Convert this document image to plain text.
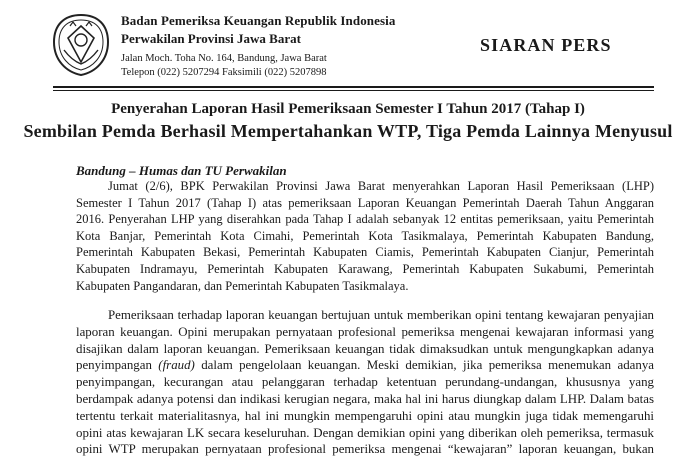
Badan Pemeriksa Keuangan Republik Indonesia
Perwakilan Provinsi Jawa Barat
Jalan Moch. Toha No. 164, Bandung, Jawa Barat
Telepon (022) 5207294 Faksimili (022) 5207898
SIARAN PERS
Penyerahan Laporan Hasil Pemeriksaan Semester I Tahun 2017 (Tahap I)
Sembilan Pemda Berhasil Mempertahankan WTP, Tiga Pemda Lainnya Menyusul
Bandung – Humas dan TU Perwakilan
Jumat (2/6), BPK Perwakilan Provinsi Jawa Barat menyerahkan Laporan Hasil Pemeriksaan (LHP)
Semester I Tahun 2017 (Tahap I) atas pemeriksaan Laporan Keuangan Pemerintah Daerah Tahun Anggaran
2016. Penyerahan LHP yang diserahkan pada Tahap I adalah sebanyak 12 entitas pemeriksaan, yaitu Pemerintah
Kota Banjar, Pemerintah Kota Cimahi, Pemerintah Kota Tasikmalaya, Pemerintah Kabupaten Bandung,
Pemerintah Kabupaten Bekasi, Pemerintah Kabupaten Ciamis, Pemerintah Kabupaten Cianjur, Pemerintah
Kabupaten Indramayu, Pemerintah Kabupaten Karawang, Pemerintah Kabupaten Sukabumi, Pemerintah
Kabupaten Pangandaran, dan Pemerintah Kabupaten Tasikmalaya.
Pemeriksaan terhadap laporan keuangan bertujuan untuk memberikan opini tentang kewajaran penyajian
laporan keuangan. Opini merupakan pernyataan profesional pemeriksa mengenai kewajaran informasi yang
disajikan dalam laporan keuangan. Pemeriksaan keuangan tidak dimaksudkan untuk mengungkapkan adanya
penyimpangan (fraud) dalam pengelolaan keuangan. Meski demikian, jika pemeriksa menemukan adanya
penyimpangan, kecurangan atau pelanggaran terhadap ketentuan perundang-undangan, khususnya yang
berdampak adanya potensi dan indikasi kerugian negara, maka hal ini harus diungkap dalam LHP. Dalam batas
tertentu terkait materialitasnya, hal ini mungkin mempengaruhi opini atau mungkin juga tidak memengaruhi
opini atas kewajaran LK secara keseluruhan. Dengan demikian opini yang diberikan oleh pemeriksa, termasuk
opini WTP merupakan pernyataan profesional pemeriksa mengenai “kewajaran” laporan keuangan, bukan
